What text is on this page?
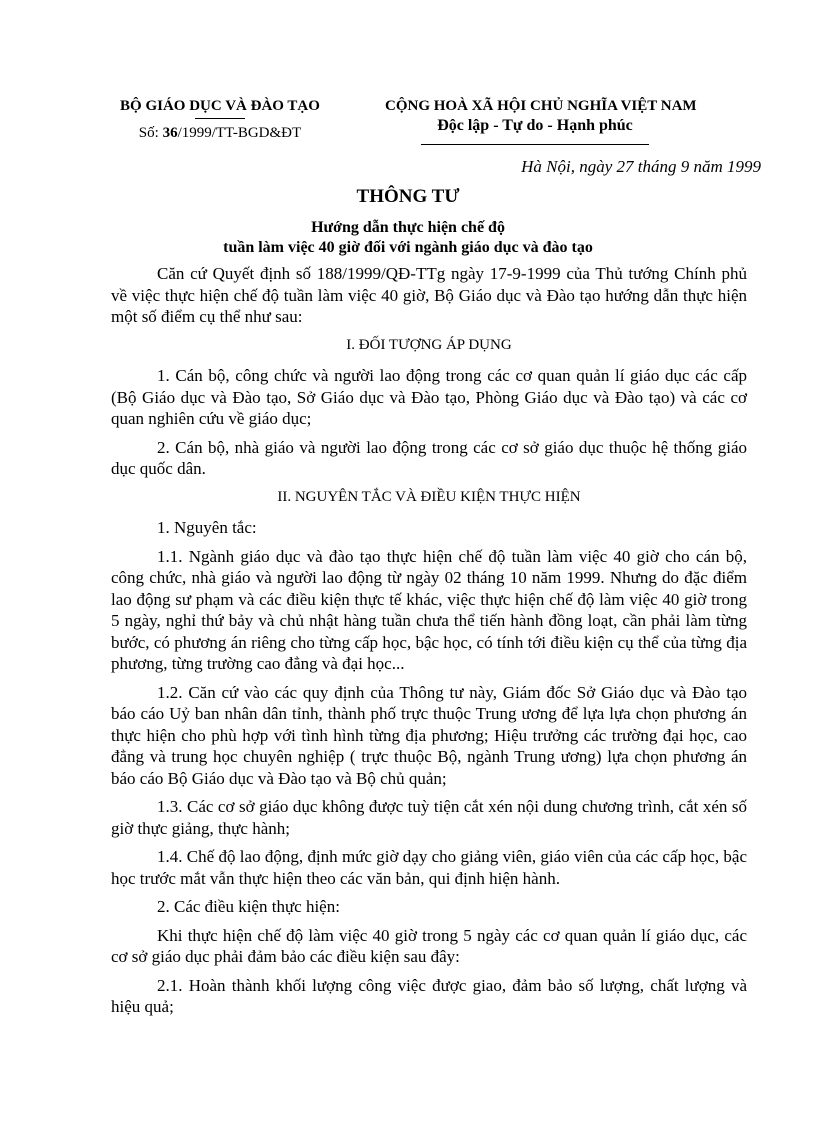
BỘ GIÁO DỤC VÀ ĐÀO TẠO
Số: 36/1999/TT-BGD&ĐT
CỘNG HOÀ XÃ HỘI CHỦ NGHĨA VIỆT NAM
Độc lập - Tự do - Hạnh phúc
Hà Nội, ngày 27 tháng 9 năm 1999
THÔNG TƯ
Hướng dẫn thực hiện chế độ
tuần làm việc 40 giờ đối với ngành giáo dục và đào tạo

Căn cứ Quyết định số 188/1999/QĐ-TTg ngày 17-9-1999 của Thủ tướng Chính phủ về việc thực hiện chế độ tuần làm việc 40 giờ, Bộ Giáo dục và Đào tạo hướng dẫn thực hiện một số điểm cụ thể như sau:

I. ĐỐI TƯỢNG ÁP DỤNG

1. Cán bộ, công chức và người lao động trong các cơ quan quản lí giáo dục các cấp (Bộ Giáo dục và Đào tạo, Sở Giáo dục và Đào tạo, Phòng Giáo dục và Đào tạo) và các cơ quan nghiên cứu về giáo dục;

2. Cán bộ, nhà giáo và người lao động trong các cơ sở giáo dục thuộc hệ thống giáo dục quốc dân.

II. NGUYÊN TẮC VÀ ĐIỀU KIỆN THỰC HIỆN

1. Nguyên tắc:

1.1. Ngành giáo dục và đào tạo thực hiện chế độ tuần làm việc 40 giờ cho cán bộ, công chức, nhà giáo và người lao động từ ngày 02 tháng 10 năm 1999. Nhưng do đặc điểm lao động sư phạm và các điều kiện thực tế khác, việc thực hiện chế độ làm việc 40 giờ trong 5 ngày, nghỉ thứ bảy và chủ nhật hàng tuần chưa thể tiến hành đồng loạt, cần phải làm từng bước, có phương án riêng cho từng cấp học, bậc học, có tính tới điều kiện cụ thể của từng địa phương, từng trường cao đẳng và đại học...

1.2. Căn cứ vào các quy định của Thông tư này, Giám đốc Sở Giáo dục và Đào tạo báo cáo Uỷ ban nhân dân tỉnh, thành phố trực thuộc Trung ương để lựa lựa chọn phương án thực hiện cho phù hợp với tình hình từng địa phương; Hiệu trưởng các trường đại học, cao đẳng và trung học chuyên nghiệp ( trực thuộc Bộ, ngành Trung ương) lựa chọn phương án báo cáo Bộ Giáo dục và Đào tạo và Bộ chủ quản;

1.3. Các cơ sở giáo dục không được tuỳ tiện cắt xén nội dung chương trình, cắt xén số giờ thực giảng, thực hành;

1.4. Chế độ lao động, định mức giờ dạy cho giảng viên, giáo viên của các cấp học, bậc học trước mắt vẫn thực hiện theo các văn bản, qui định hiện hành.

2. Các điều kiện thực hiện:

Khi thực hiện chế độ làm việc 40 giờ trong 5 ngày các cơ quan quản lí giáo dục, các cơ sở giáo dục phải đảm bảo các điều kiện sau đây:

2.1. Hoàn thành khối lượng công việc được giao, đảm bảo số lượng, chất lượng và hiệu quả;
